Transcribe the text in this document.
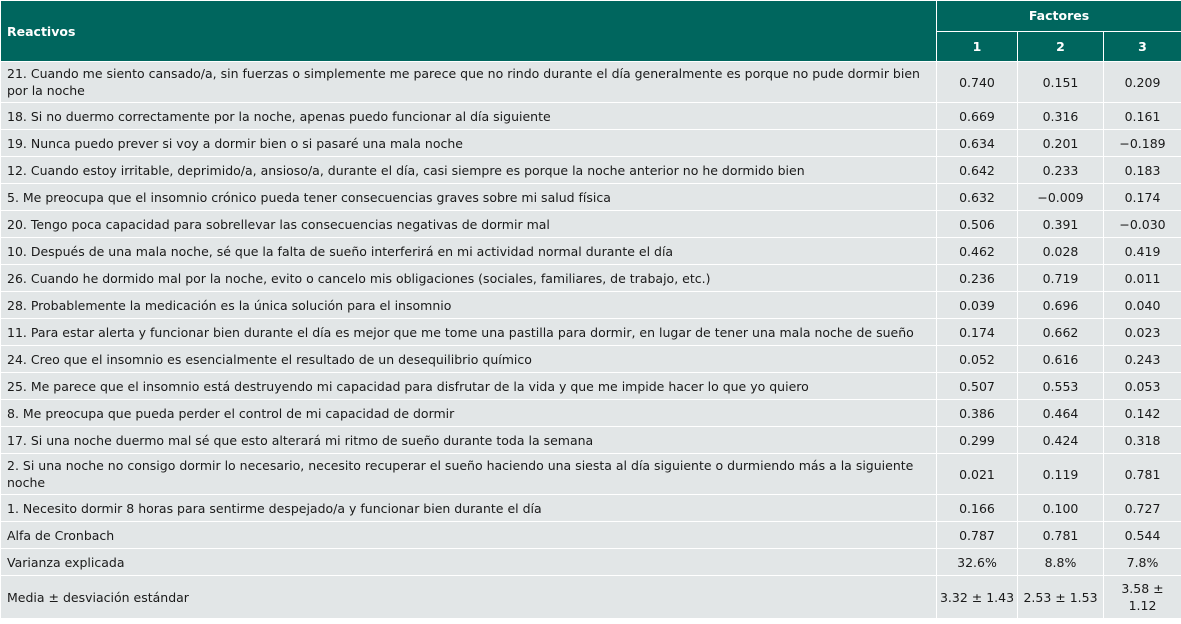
Reactivos	Factores		
	1	2	3
21. Cuando me siento cansado/a, sin fuerzas o simplemente me parece que no rindo durante el día generalmente es porque no pude dormir bien por la noche	0.740	0.151	0.209
18. Si no duermo correctamente por la noche, apenas puedo funcionar al día siguiente	0.669	0.316	0.161
19. Nunca puedo prever si voy a dormir bien o si pasaré una mala noche	0.634	0.201	−0.189
12. Cuando estoy irritable, deprimido/a, ansioso/a, durante el día, casi siempre es porque la noche anterior no he dormido bien	0.642	0.233	0.183
5. Me preocupa que el insomnio crónico pueda tener consecuencias graves sobre mi salud física	0.632	−0.009	0.174
20. Tengo poca capacidad para sobrellevar las consecuencias negativas de dormir mal	0.506	0.391	−0.030
10. Después de una mala noche, sé que la falta de sueño interferirá en mi actividad normal durante el día	0.462	0.028	0.419
26. Cuando he dormido mal por la noche, evito o cancelo mis obligaciones (sociales, familiares, de trabajo, etc.)	0.236	0.719	0.011
28. Probablemente la medicación es la única solución para el insomnio	0.039	0.696	0.040
11. Para estar alerta y funcionar bien durante el día es mejor que me tome una pastilla para dormir, en lugar de tener una mala noche de sueño	0.174	0.662	0.023
24. Creo que el insomnio es esencialmente el resultado de un desequilibrio químico	0.052	0.616	0.243
25. Me parece que el insomnio está destruyendo mi capacidad para disfrutar de la vida y que me impide hacer lo que yo quiero	0.507	0.553	0.053
8. Me preocupa que pueda perder el control de mi capacidad de dormir	0.386	0.464	0.142
17. Si una noche duermo mal sé que esto alterará mi ritmo de sueño durante toda la semana	0.299	0.424	0.318
2. Si una noche no consigo dormir lo necesario, necesito recuperar el sueño haciendo una siesta al día siguiente o durmiendo más a la siguiente noche	0.021	0.119	0.781
1. Necesito dormir 8 horas para sentirme despejado/a y funcionar bien durante el día	0.166	0.100	0.727
Alfa de Cronbach	0.787	0.781	0.544
Varianza explicada	32.6%	8.8%	7.8%
Media ± desviación estándar	3.32 ± 1.43	2.53 ± 1.53	3.58 ± 1.12
